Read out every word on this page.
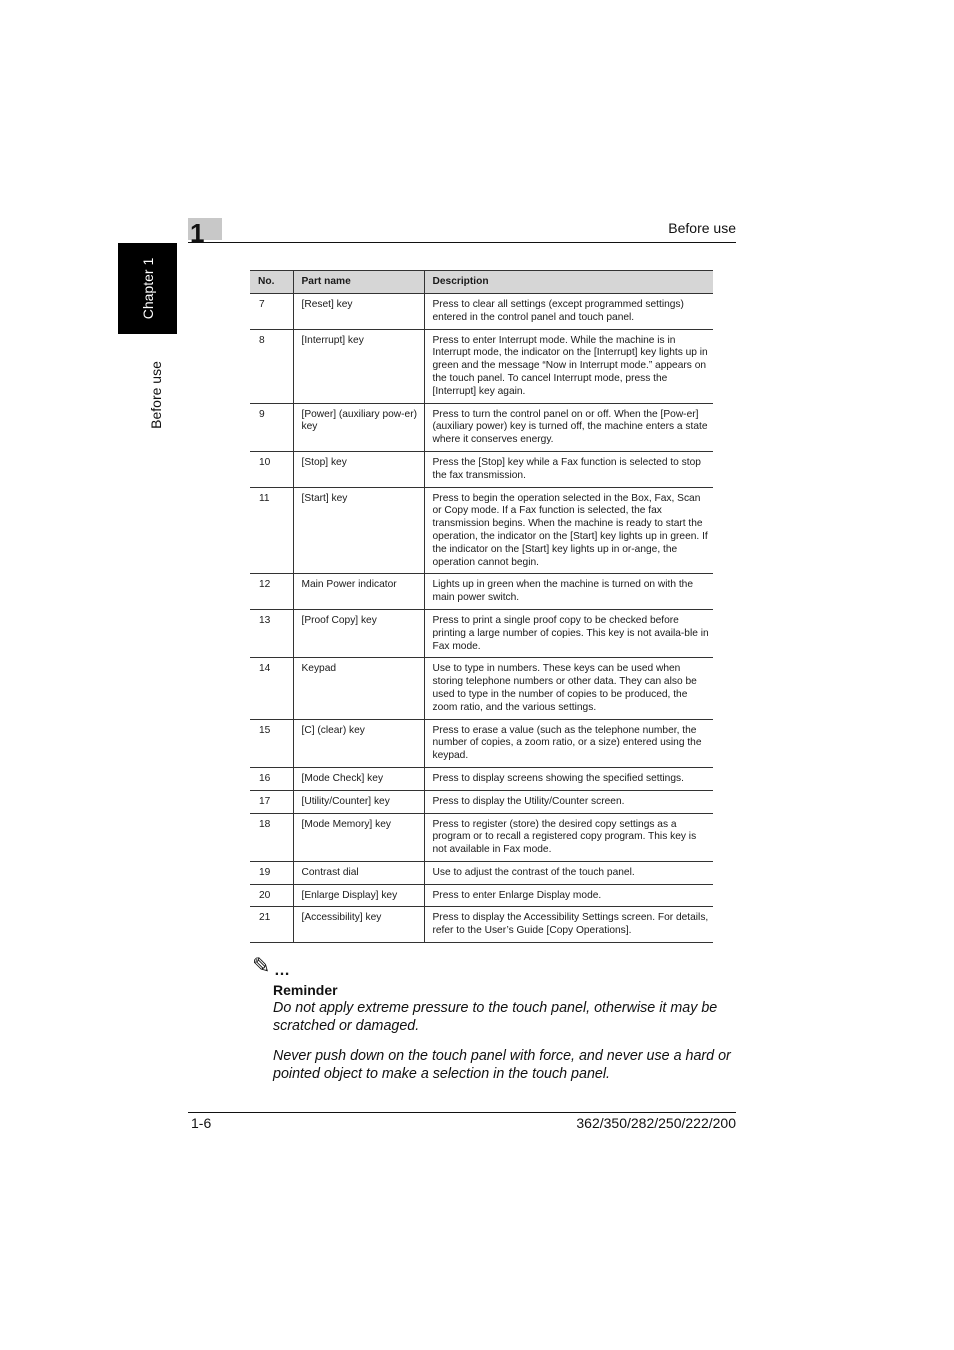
1	Before use
Chapter 1
Before use
No.	Part name	Description
7	[Reset] key	Press to clear all settings (except programmed settings) entered in the control panel and touch panel.
8	[Interrupt] key	Press to enter Interrupt mode. While the machine is in Interrupt mode, the indicator on the [Interrupt] key lights up in green and the message “Now in Interrupt mode.” appears on the touch panel. To cancel Interrupt mode, press the [Interrupt] key again.
9	[Power] (auxiliary pow-er) key	Press to turn the control panel on or off. When the [Pow-er] (auxiliary power) key is turned off, the machine enters a state where it conserves energy.
10	[Stop] key	Press the [Stop] key while a Fax function is selected to stop the fax transmission.
11	[Start] key	Press to begin the operation selected in the Box, Fax, Scan or Copy mode. If a Fax function is selected, the fax transmission begins. When the machine is ready to start the operation, the indicator on the [Start] key lights up in green. If the indicator on the [Start] key lights up in or-ange, the operation cannot begin.
12	Main Power indicator	Lights up in green when the machine is turned on with the main power switch.
13	[Proof Copy] key	Press to print a single proof copy to be checked before printing a large number of copies. This key is not availa-ble in Fax mode.
14	Keypad	Use to type in numbers. These keys can be used when storing telephone numbers or other data. They can also be used to type in the number of copies to be produced, the zoom ratio, and the various settings.
15	[C] (clear) key	Press to erase a value (such as the telephone number, the number of copies, a zoom ratio, or a size) entered using the keypad.
16	[Mode Check] key	Press to display screens showing the specified settings.
17	[Utility/Counter] key	Press to display the Utility/Counter screen.
18	[Mode Memory] key	Press to register (store) the desired copy settings as a program or to recall a registered copy program. This key is not available in Fax mode.
19	Contrast dial	Use to adjust the contrast of the touch panel.
20	[Enlarge Display] key	Press to enter Enlarge Display mode.
21	[Accessibility] key	Press to display the Accessibility Settings screen. For details, refer to the User’s Guide [Copy Operations].
✎ …
Reminder
Do not apply extreme pressure to the touch panel, otherwise it may be scratched or damaged.
Never push down on the touch panel with force, and never use a hard or pointed object to make a selection in the touch panel.
1-6	362/350/282/250/222/200
